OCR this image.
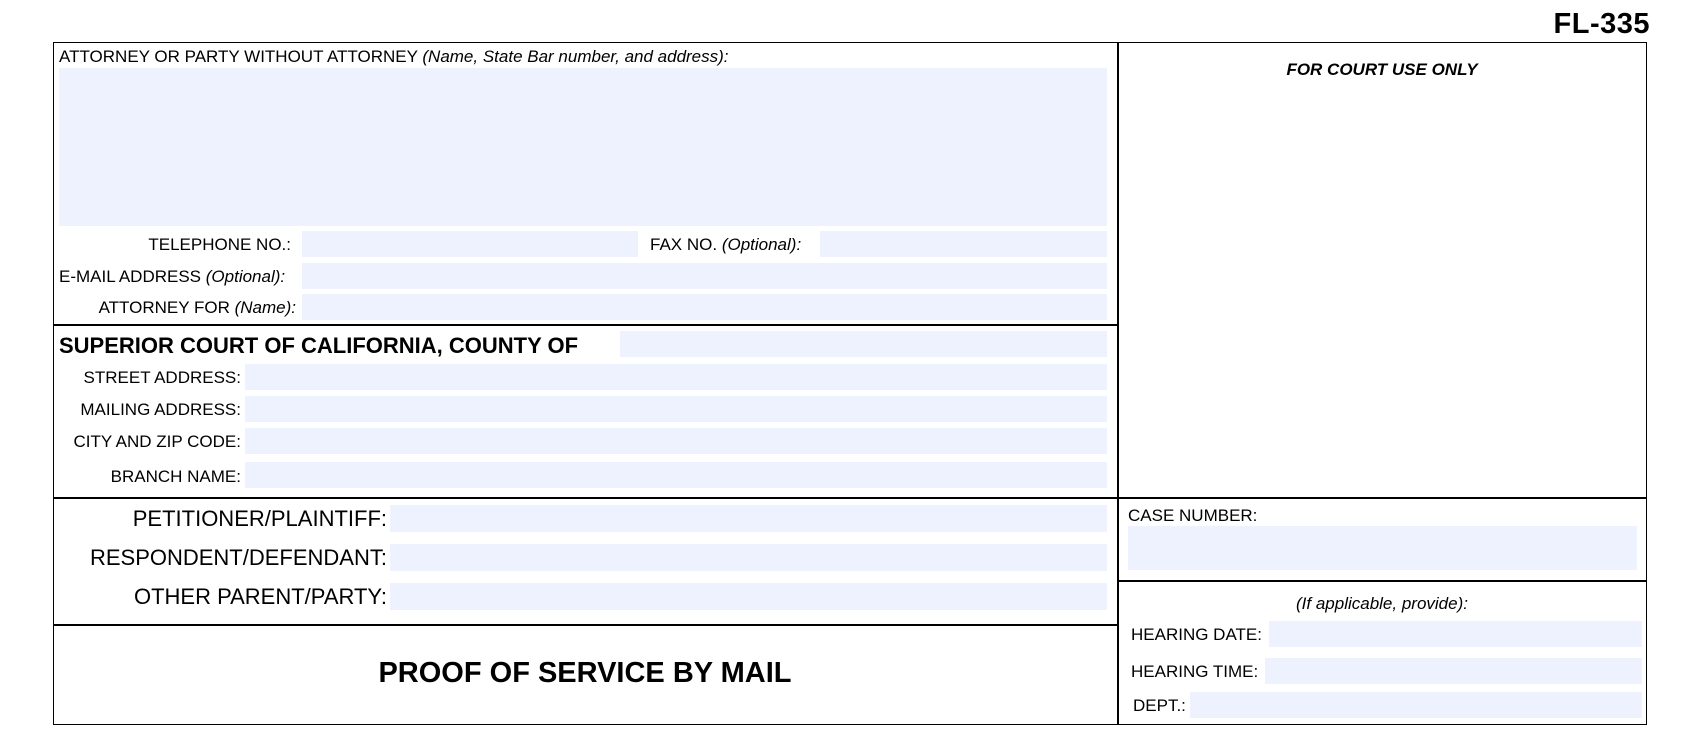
FL-335
ATTORNEY OR PARTY WITHOUT ATTORNEY (Name, State Bar number, and address):
TELEPHONE NO.:	FAX NO. (Optional):
E-MAIL ADDRESS (Optional):
ATTORNEY FOR (Name):
FOR COURT USE ONLY
SUPERIOR COURT OF CALIFORNIA, COUNTY OF
STREET ADDRESS:
MAILING ADDRESS:
CITY AND ZIP CODE:
BRANCH NAME:
PETITIONER/PLAINTIFF:
RESPONDENT/DEFENDANT:
OTHER PARENT/PARTY:
CASE NUMBER:
(If applicable, provide):
HEARING DATE:
HEARING TIME:
DEPT.:
PROOF OF SERVICE BY MAIL
